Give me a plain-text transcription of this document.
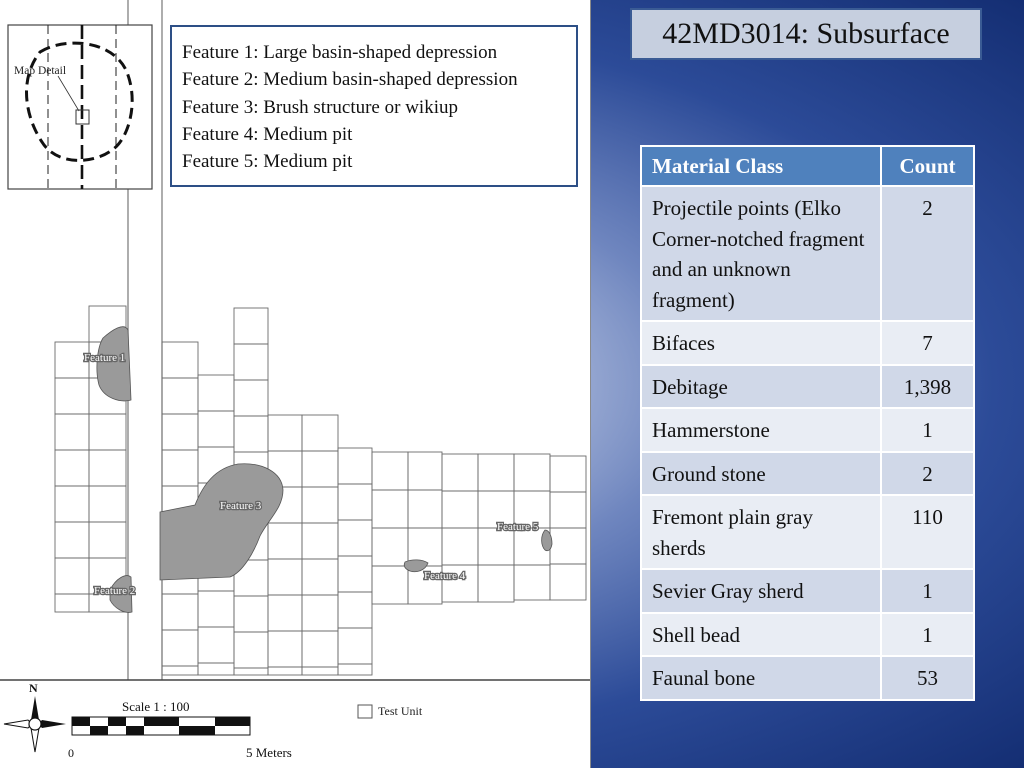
Map Detail
Feature 1
Feature 3
Feature 2
Feature 4
Feature 5
N
Scale 1 : 100
0	5 Meters
Test Unit
Feature 1: Large basin-shaped depression
Feature 2: Medium basin-shaped depression
Feature 3: Brush structure or wikiup
Feature 4: Medium pit
Feature 5: Medium pit
42MD3014: Subsurface
Material Class	Count
Projectile points (Elko Corner-notched fragment and an unknown fragment)	2
Bifaces	7
Debitage	1,398
Hammerstone	1
Ground stone	2
Fremont plain gray sherds	110
Sevier Gray sherd	1
Shell bead	1
Faunal bone	53
